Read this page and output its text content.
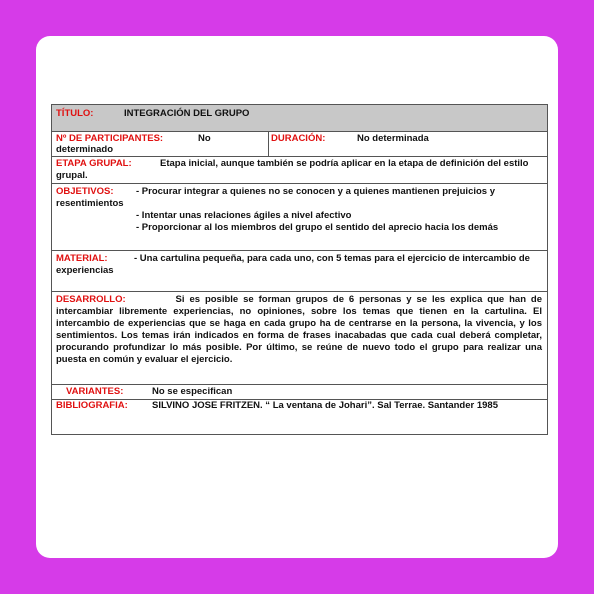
TÍTULO:	INTEGRACIÓN DEL GRUPO
Nº DE PARTICIPANTES:	No
determinado
DURACIÓN:	No determinada
ETAPA GRUPAL:	Etapa inicial, aunque también se podría aplicar en la etapa de definición del estilo
grupal.
OBJETIVOS: - Procurar integrar a quienes no se conocen y a quienes mantienen prejuicios y
resentimientos
- Intentar unas relaciones ágiles a nivel afectivo
- Proporcionar al los miembros del grupo el sentido del aprecio hacia los demás
MATERIAL:	- Una cartulina pequeña, para cada uno, con 5 temas para el ejercicio de intercambio de
experiencias
DESARROLLO:	Si es posible se forman grupos de 6 personas y se les explica que han de intercambiar libremente experiencias, no opiniones, sobre los temas que tienen en la cartulina. El intercambio de experiencias que se haga en cada grupo ha de centrarse en la persona, la vivencia, y los sentimientos. Los temas irán indicados en forma de frases inacabadas que cada cual deberá completar, procurando profundizar lo más posible. Por último, se reúne de nuevo todo el grupo para realizar una puesta en común y evaluar el ejercicio.
VARIANTES:	No se especifican
BIBLIOGRAFIA:	SILVINO JOSE FRITZEN. “ La ventana de Johari”. Sal Terrae. Santander 1985
